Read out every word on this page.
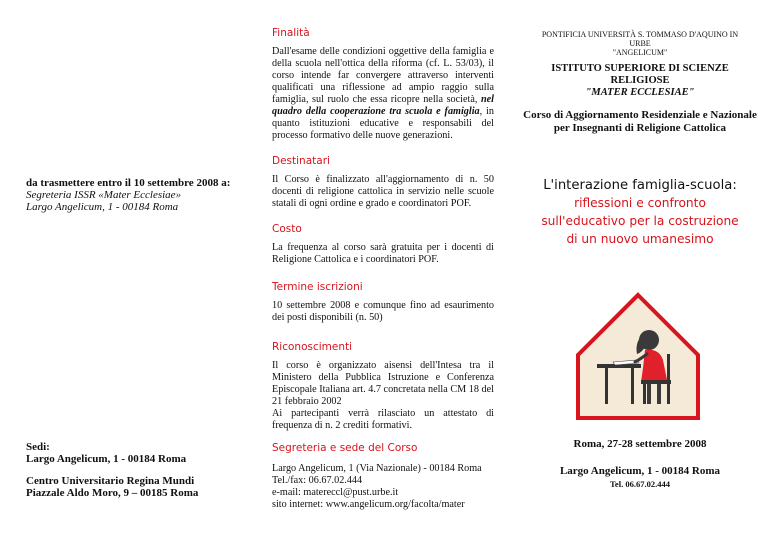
da trasmettere entro il 10 settembre 2008 a:
Segreteria ISSR «Mater Ecclesiae»
Largo Angelicum, 1 - 00184 Roma
Sedi:
Largo Angelicum, 1 - 00184 Roma
Centro Universitario Regina Mundi
Piazzale Aldo Moro, 9 – 00185 Roma
Finalità

Dall'esame delle condizioni oggettive della famiglia e della scuola nell'ottica della riforma (cf. L. 53/03), il corso intende far convergere attraverso interventi qualificati una riflessione ad ampio raggio sulla famiglia, sul ruolo che essa ricopre nella società, nel quadro della cooperazione tra scuola e famiglia, in quanto istituzioni educative e responsabili del processo formativo delle nuove generazioni.

Destinatari

Il Corso è finalizzato all'aggiornamento di n. 50 docenti di religione cattolica in servizio nelle scuole statali di ogni ordine e grado e coordinatori POF.

Costo

La frequenza al corso sarà gratuita per i docenti di Religione Cattolica e i coordinatori POF.

Termine iscrizioni

10 settembre 2008 e comunque fino ad esaurimento dei posti disponibili (n. 50)

Riconoscimenti

Il corso è organizzato aisensi dell'Intesa tra il Ministero della Pubblica Istruzione e Conferenza Episcopale Italiana art. 4.7 concretata nella CM 18 del 21 febbraio 2002
Ai partecipanti verrà rilasciato un attestato di frequenza di n. 2 crediti formativi.

Segreteria e sede del Corso
Largo Angelicum, 1 (Via Nazionale) - 00184 Roma
Tel./fax: 06.67.02.444
e-mail: matereccl@pust.urbe.it
sito internet: www.angelicum.org/facolta/mater
PONTIFICIA UNIVERSITÀ S. TOMMASO D'AQUINO IN URBE
"ANGELICUM"
ISTITUTO SUPERIORE DI SCIENZE RELIGIOSE
"MATER ECCLESIAE"
Corso di Aggiornamento Residenziale e Nazionale
per Insegnanti di Religione Cattolica
L'interazione famiglia-scuola:
riflessioni e confronto
sull'educativo per la costruzione
di un nuovo umanesimo
Roma, 27-28 settembre 2008
Largo Angelicum, 1 - 00184 Roma
Tel. 06.67.02.444
